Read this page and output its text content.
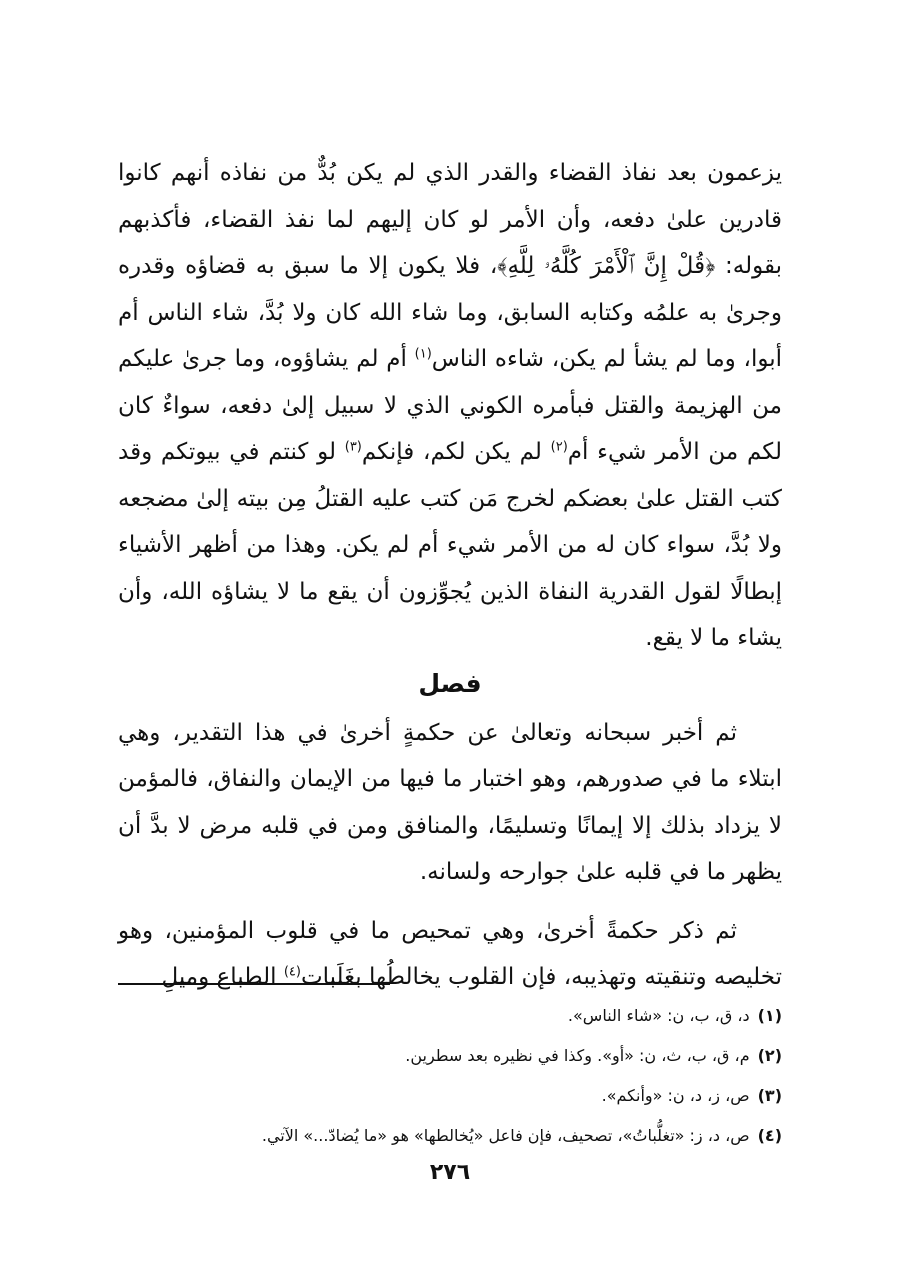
يزعمون بعد نفاذ القضاء والقدر الذي لم يكن بُدٌّ من نفاذه أنهم كانوا قادرين علىٰ دفعه، وأن الأمر لو كان إليهم لما نفذ القضاء، فأكذبهم بقوله: ﴿قُلْ إِنَّ ٱلْأَمْرَ كُلَّهُۥ لِلَّهِ﴾، فلا يكون إلا ما سبق به قضاؤه وقدره وجرىٰ به علمُه وكتابه السابق، وما شاء الله كان ولا بُدَّ، شاء الناس أم أبوا، وما لم يشأ لم يكن، شاءه الناس$^{(١)}$ أم لم يشاؤوه، وما جرىٰ عليكم من الهزيمة والقتل فبأمره الكوني الذي لا سبيل إلىٰ دفعه، سواءٌ كان لكم من الأمر شيء أم$^{(٢)}$ لم يكن لكم، فإنكم$^{(٣)}$ لو كنتم في بيوتكم وقد كتب القتل علىٰ بعضكم لخرج مَن كتب عليه القتلُ مِن بيته إلىٰ مضجعه ولا بُدَّ، سواء كان له من الأمر شيء أم لم يكن. وهذا من أظهر الأشياء إبطالًا لقول القدرية النفاة الذين يُجوِّزون أن يقع ما لا يشاؤه الله، وأن يشاء ما لا يقع.

فصل

ثم أخبر سبحانه وتعالىٰ عن حكمةٍ أخرىٰ في هذا التقدير، وهي ابتلاء ما في صدورهم، وهو اختبار ما فيها من الإيمان والنفاق، فالمؤمن لا يزداد بذلك إلا إيمانًا وتسليمًا، والمنافق ومن في قلبه مرض لا بدَّ أن يظهر ما في قلبه علىٰ جوارحه ولسانه.

ثم ذكر حكمةً أخرىٰ، وهي تمحيص ما في قلوب المؤمنين، وهو تخليصه وتنقيته وتهذيبه، فإن القلوب يخالطُها بغَلَبات$^{(٤)}$ الطباع وميلِ

(١)د، ق، ب، ن: «شاء الناس».

(٢)م، ق، ب، ث، ن: «أو». وكذا في نظيره بعد سطرين.

(٣)ص، ز، د، ن: «وأنكم».

(٤)ص، د، ز: «تغلُّباتُ»، تصحيف، فإن فاعل «يُخالطها» هو «ما يُضادّ...» الآتي.

٢٧٦
